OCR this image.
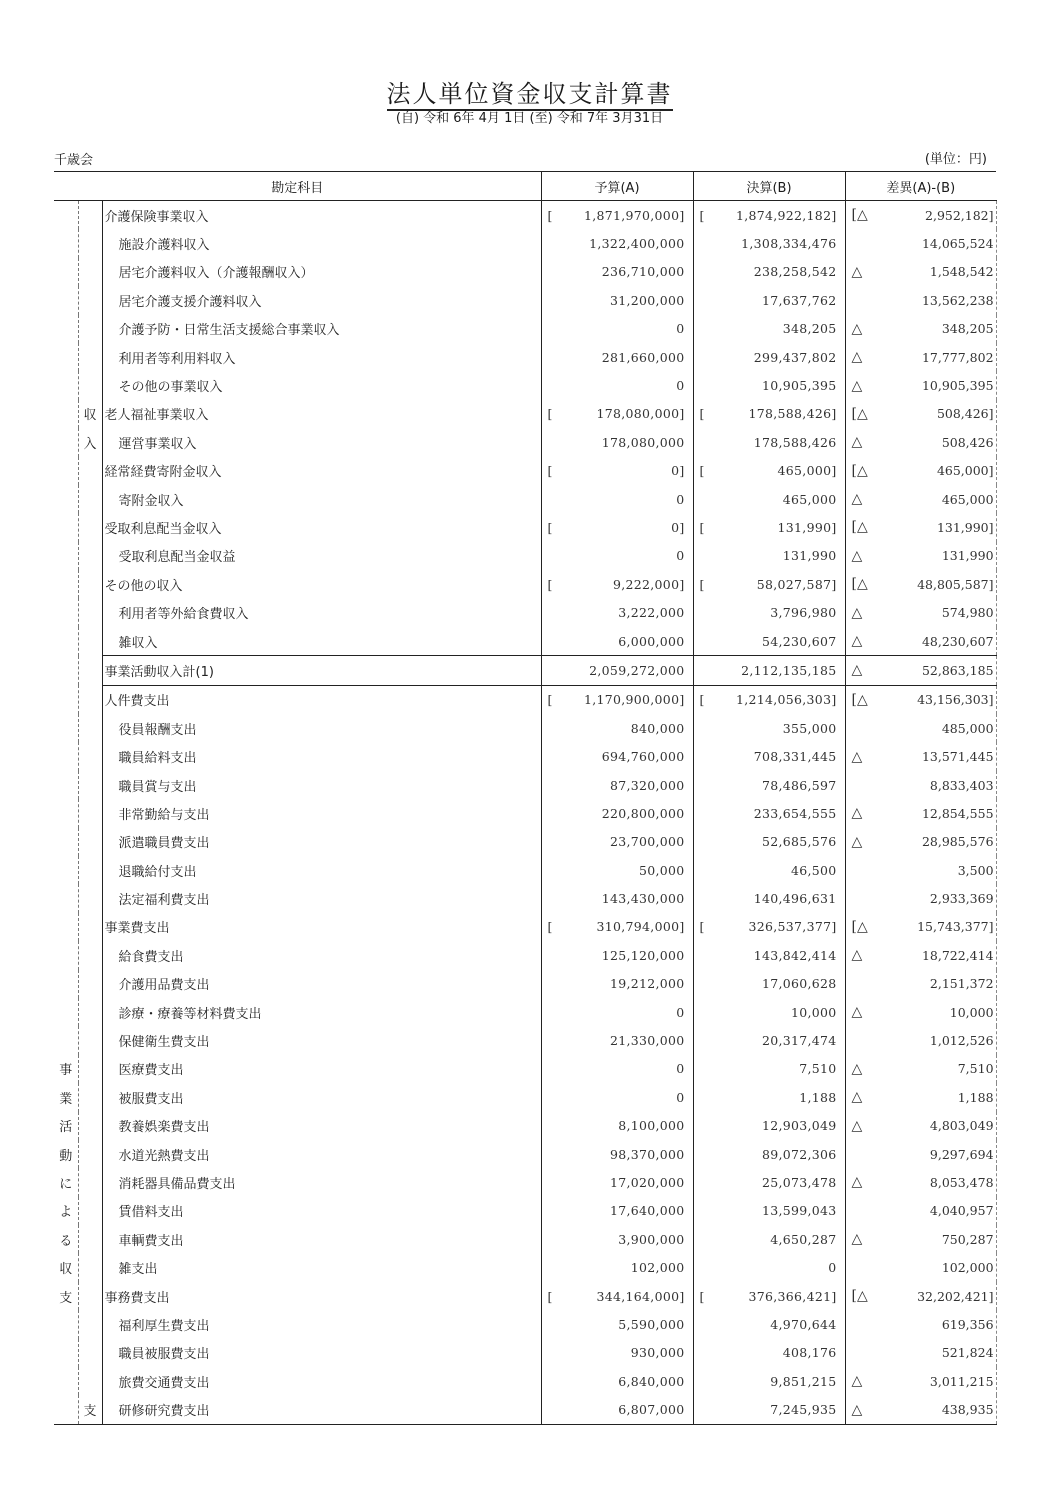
法人単位資金収支計算書
(自) 令和 6年 4月 1日 (至) 令和 7年 3月31日
千歳会	(単位：円)
勘定科目			予算(A)	決算(B)	差異(A)-(B)	
		介護保険事業収入	[ 1,871,970,000]	[ 1,874,922,182]	[△	2,952,182]
		施設介護料収入	1,322,400,000	1,308,334,476		14,065,524
		居宅介護料収入（介護報酬収入）	236,710,000	238,258,542	△	1,548,542
		居宅介護支援介護料収入	31,200,000	17,637,762		13,562,238
		介護予防・日常生活支援総合事業収入	0	348,205	△	348,205
		利用者等利用料収入	281,660,000	299,437,802	△	17,777,802
		その他の事業収入	0	10,905,395	△	10,905,395
	収	老人福祉事業収入	[ 178,080,000]	[ 178,588,426]	[△	508,426]
	入	運営事業収入	178,080,000	178,588,426	△	508,426
		経常経費寄附金収入	[ 0]	[ 465,000]	[△	465,000]
		寄附金収入	0	465,000	△	465,000
		受取利息配当金収入	[ 0]	[ 131,990]	[△	131,990]
		受取利息配当金収益	0	131,990	△	131,990
		その他の収入	[ 9,222,000]	[ 58,027,587]	[△	48,805,587]
		利用者等外給食費収入	3,222,000	3,796,980	△	574,980
		雑収入	6,000,000	54,230,607	△	48,230,607
		事業活動収入計(1)	2,059,272,000	2,112,135,185	△	52,863,185
		人件費支出	[ 1,170,900,000]	[ 1,214,056,303]	[△	43,156,303]
		役員報酬支出	840,000	355,000		485,000
		職員給料支出	694,760,000	708,331,445	△	13,571,445
		職員賞与支出	87,320,000	78,486,597		8,833,403
		非常勤給与支出	220,800,000	233,654,555	△	12,854,555
		派遣職員費支出	23,700,000	52,685,576	△	28,985,576
		退職給付支出	50,000	46,500		3,500
		法定福利費支出	143,430,000	140,496,631		2,933,369
		事業費支出	[ 310,794,000]	[ 326,537,377]	[△	15,743,377]
		給食費支出	125,120,000	143,842,414	△	18,722,414
		介護用品費支出	19,212,000	17,060,628		2,151,372
		診療・療養等材料費支出	0	10,000	△	10,000
		保健衛生費支出	21,330,000	20,317,474		1,012,526
事		医療費支出	0	7,510	△	7,510
業		被服費支出	0	1,188	△	1,188
活		教養娯楽費支出	8,100,000	12,903,049	△	4,803,049
動		水道光熱費支出	98,370,000	89,072,306		9,297,694
に		消耗器具備品費支出	17,020,000	25,073,478	△	8,053,478
よ		賃借料支出	17,640,000	13,599,043		4,040,957
る		車輌費支出	3,900,000	4,650,287	△	750,287
収		雑支出	102,000	0		102,000
支		事務費支出	[ 344,164,000]	[ 376,366,421]	[△	32,202,421]
		福利厚生費支出	5,590,000	4,970,644		619,356
		職員被服費支出	930,000	408,176		521,824
		旅費交通費支出	6,840,000	9,851,215	△	3,011,215
	支	研修研究費支出	6,807,000	7,245,935	△	438,935
